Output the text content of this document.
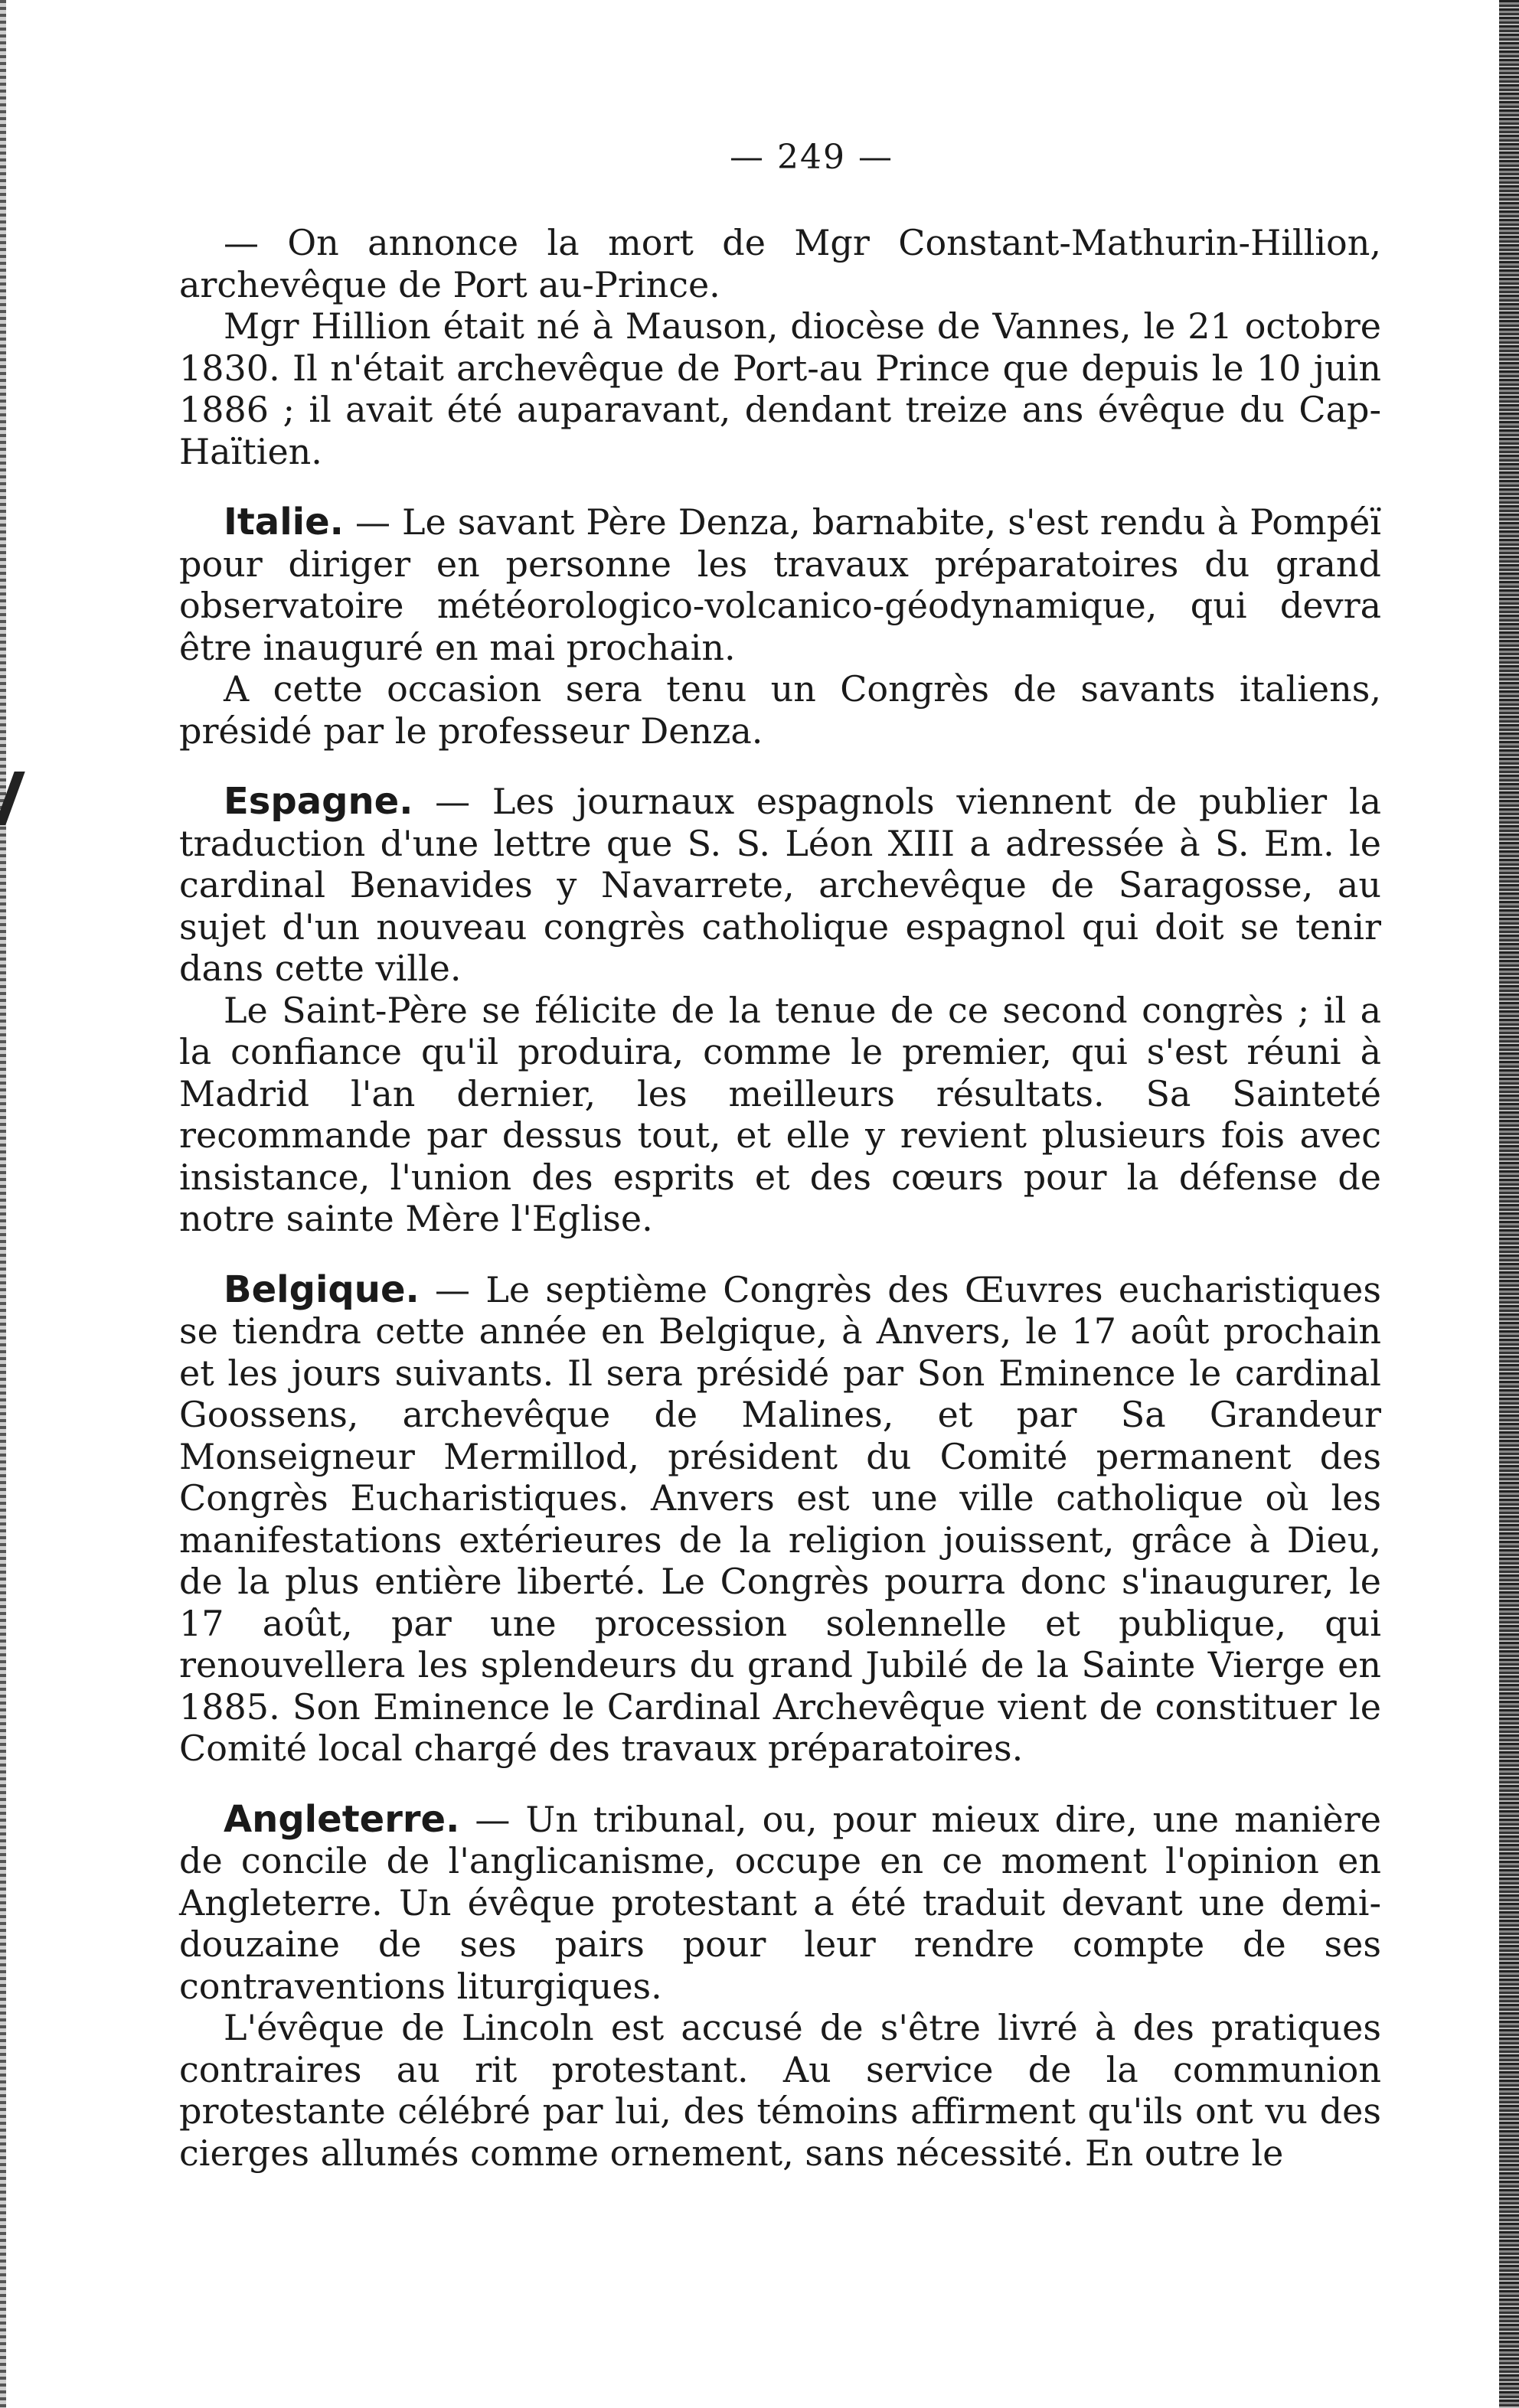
— 249 —

— On annonce la mort de Mgr Constant-Mathurin-Hillion, archevêque de Port au-Prince.

Mgr Hillion était né à Mauson, diocèse de Vannes, le 21 octobre 1830. Il n'était archevêque de Port-au Prince que depuis le 10 juin 1886 ; il avait été auparavant, dendant treize ans évêque du Cap-Haïtien.

Italie. — Le savant Père Denza, barnabite, s'est rendu à Pompéï pour diriger en personne les travaux préparatoires du grand observatoire météorologico-volcanico-géodynamique, qui devra être inauguré en mai prochain.

A cette occasion sera tenu un Congrès de savants italiens, présidé par le professeur Denza.

Espagne. — Les journaux espagnols viennent de publier la traduction d'une lettre que S. S. Léon XIII a adressée à S. Em. le cardinal Benavides y Navarrete, archevêque de Saragosse, au sujet d'un nouveau congrès catholique espagnol qui doit se tenir dans cette ville.

Le Saint-Père se félicite de la tenue de ce second congrès ; il a la confiance qu'il produira, comme le premier, qui s'est réuni à Madrid l'an dernier, les meilleurs résultats. Sa Sainteté recommande par dessus tout, et elle y revient plusieurs fois avec insistance, l'union des esprits et des cœurs pour la défense de notre sainte Mère l'Eglise.

Belgique. — Le septième Congrès des Œuvres eucharistiques se tiendra cette année en Belgique, à Anvers, le 17 août prochain et les jours suivants. Il sera présidé par Son Eminence le cardinal Goossens, archevêque de Malines, et par Sa Grandeur Monseigneur Mermillod, président du Comité permanent des Congrès Eucharistiques. Anvers est une ville catholique où les manifestations extérieures de la religion jouissent, grâce à Dieu, de la plus entière liberté. Le Congrès pourra donc s'inaugurer, le 17 août, par une procession solennelle et publique, qui renouvellera les splendeurs du grand Jubilé de la Sainte Vierge en 1885. Son Eminence le Cardinal Archevêque vient de constituer le Comité local chargé des travaux préparatoires.

Angleterre. — Un tribunal, ou, pour mieux dire, une manière de concile de l'anglicanisme, occupe en ce moment l'opinion en Angleterre. Un évêque protestant a été traduit devant une demi-douzaine de ses pairs pour leur rendre compte de ses contraventions liturgiques.

L'évêque de Lincoln est accusé de s'être livré à des pratiques contraires au rit protestant. Au service de la communion protestante célébré par lui, des témoins affirment qu'ils ont vu des cierges allumés comme ornement, sans nécessité. En outre le
